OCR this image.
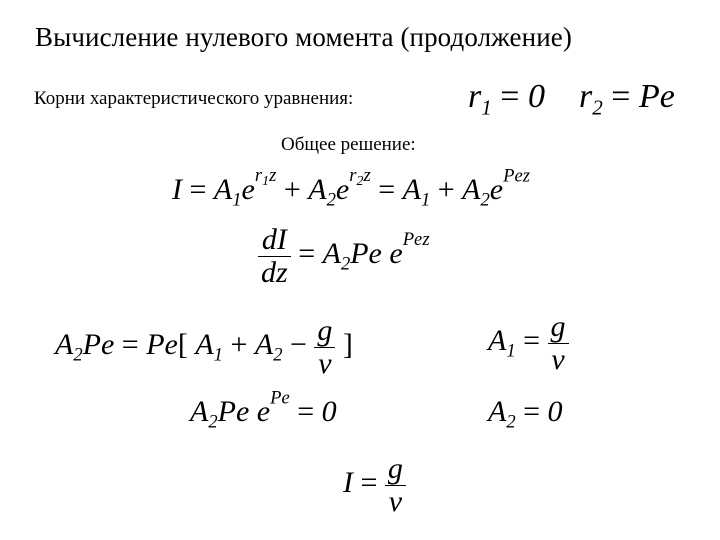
Вычисление нулевого момента (продолжение)
Корни характеристического уравнения:	$r_1 = 0$ $r_2 = Pe$
Общее решение:
$I = A_1e^{r_1z} + A_2e^{r_2z} = A_1 + A_2e^{Pez}$
$\frac{dI}{dz} = A_2Pe$ $e^{Pez}$
$A_2Pe = Pe$[ $A_1 + A_2 - \frac{g}{v}$ ]	$A_1 = \frac{g}{v}$
$A_2Pe$ $e^{Pe} = 0$	$A_2 = 0$
$I = \frac{g}{v}$
